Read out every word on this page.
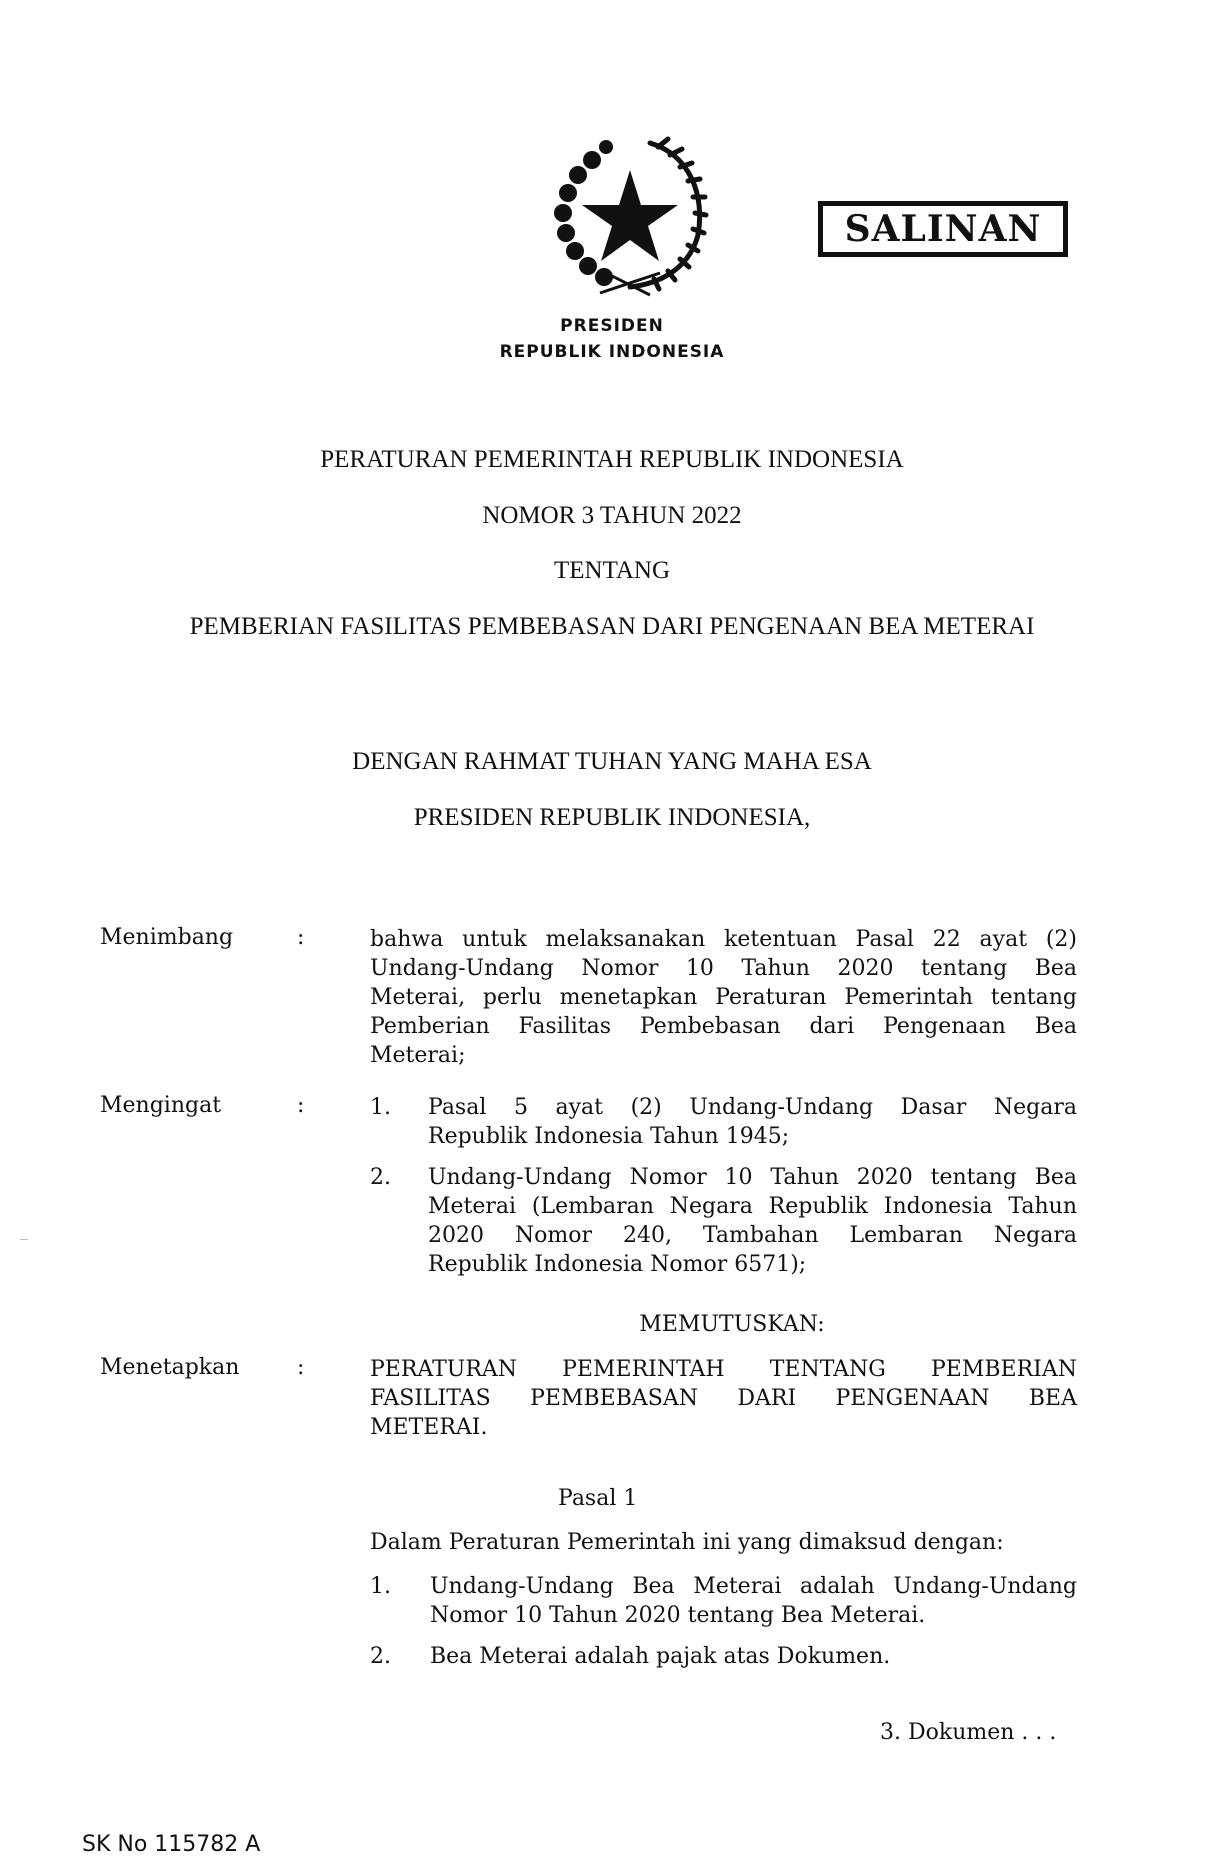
PRESIDEN
REPUBLIK INDONESIA
SALINAN
PERATURAN PEMERINTAH REPUBLIK INDONESIA
NOMOR 3 TAHUN 2022
TENTANG
PEMBERIAN FASILITAS PEMBEBASAN DARI PENGENAAN BEA METERAI
DENGAN RAHMAT TUHAN YANG MAHA ESA
PRESIDEN REPUBLIK INDONESIA,
Menimbang	:	bahwa untuk melaksanakan ketentuan Pasal 22 ayat (2)
Undang-Undang Nomor 10 Tahun 2020 tentang Bea
Meterai, perlu menetapkan Peraturan Pemerintah tentang
Pemberian Fasilitas Pembebasan dari Pengenaan Bea
Meterai;
Mengingat	:	1. Pasal 5 ayat (2) Undang-Undang Dasar Negara
Republik Indonesia Tahun 1945;
2. Undang-Undang Nomor 10 Tahun 2020 tentang Bea
Meterai (Lembaran Negara Republik Indonesia Tahun
2020 Nomor 240, Tambahan Lembaran Negara
Republik Indonesia Nomor 6571);
MEMUTUSKAN:
Menetapkan	:	PERATURAN PEMERINTAH TENTANG PEMBERIAN
FASILITAS PEMBEBASAN DARI PENGENAAN BEA
METERAI.
Pasal 1
Dalam Peraturan Pemerintah ini yang dimaksud dengan:
1. Undang-Undang Bea Meterai adalah Undang-Undang
Nomor 10 Tahun 2020 tentang Bea Meterai.
2. Bea Meterai adalah pajak atas Dokumen.
3. Dokumen . . .
SK No 115782 A
